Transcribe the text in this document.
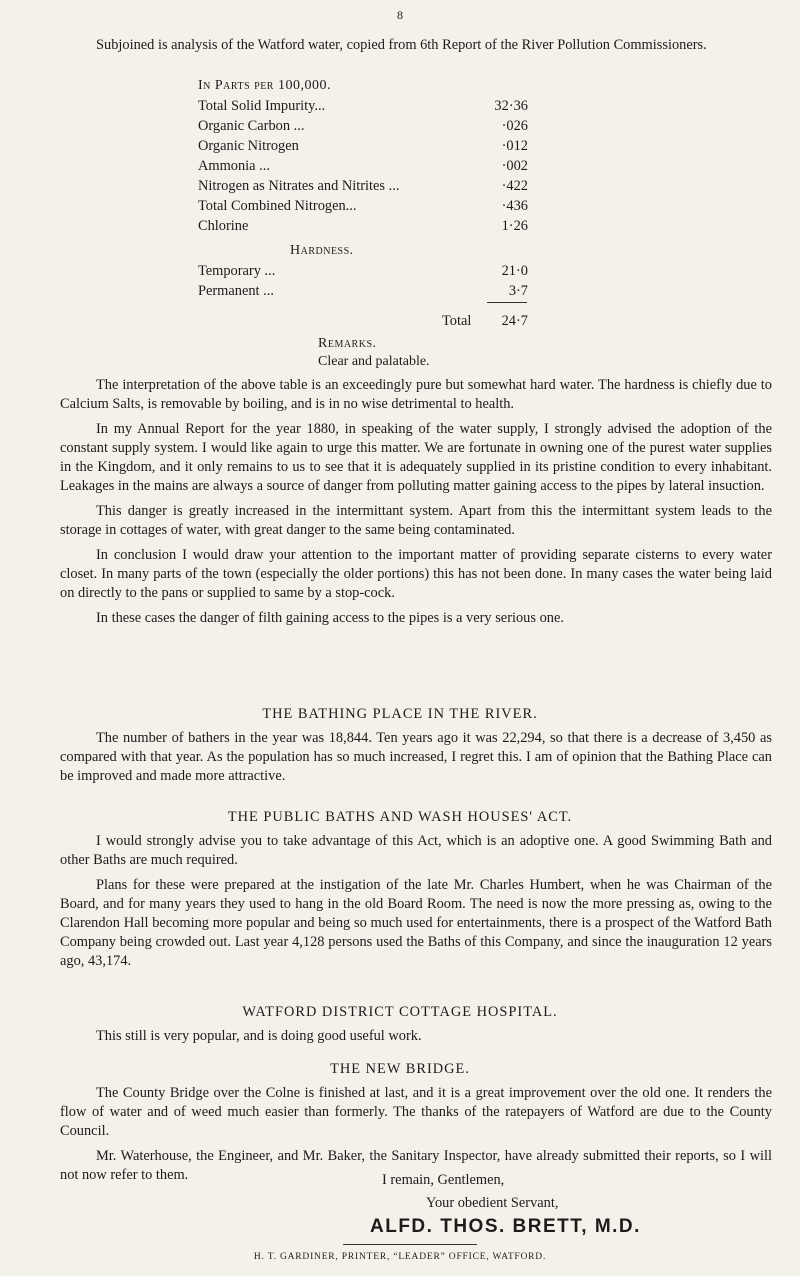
8

Subjoined is analysis of the Watford water, copied from 6th Report of the River Pollution Commissioners.

In Parts per 100,000.
Total Solid Impurity...	32·36
Organic Carbon ...	·026
Organic Nitrogen	·012
Ammonia ...	·002
Nitrogen as Nitrates and Nitrites ...	·422
Total Combined Nitrogen...	·436
Chlorine	1·26
Hardness.
Temporary ...	21·0
Permanent ...	3·7
Total	24·7
Remarks.
Clear and palatable.

The interpretation of the above table is an exceedingly pure but somewhat hard water. The hardness is chiefly due to Calcium Salts, is removable by boiling, and is in no wise detrimental to health.

In my Annual Report for the year 1880, in speaking of the water supply, I strongly advised the adoption of the constant supply system. I would like again to urge this matter. We are fortunate in owning one of the purest water supplies in the Kingdom, and it only remains to us to see that it is adequately supplied in its pristine condition to every inhabitant. Leakages in the mains are always a source of danger from polluting matter gaining access to the pipes by lateral insuction.

This danger is greatly increased in the intermittant system. Apart from this the intermittant system leads to the storage in cottages of water, with great danger to the same being contaminated.

In conclusion I would draw your attention to the important matter of providing separate cisterns to every water closet. In many parts of the town (especially the older portions) this has not been done. In many cases the water being laid on directly to the pans or supplied to same by a stop-cock.

In these cases the danger of filth gaining access to the pipes is a very serious one.

THE BATHING PLACE IN THE RIVER.

The number of bathers in the year was 18,844. Ten years ago it was 22,294, so that there is a decrease of 3,450 as compared with that year. As the population has so much increased, I regret this. I am of opinion that the Bathing Place can be improved and made more attractive.

THE PUBLIC BATHS AND WASH HOUSES' ACT.

I would strongly advise you to take advantage of this Act, which is an adoptive one. A good Swimming Bath and other Baths are much required.

Plans for these were prepared at the instigation of the late Mr. Charles Humbert, when he was Chairman of the Board, and for many years they used to hang in the old Board Room. The need is now the more pressing as, owing to the Clarendon Hall becoming more popular and being so much used for entertainments, there is a prospect of the Watford Bath Company being crowded out. Last year 4,128 persons used the Baths of this Company, and since the inauguration 12 years ago, 43,174.

WATFORD DISTRICT COTTAGE HOSPITAL.

This still is very popular, and is doing good useful work.

THE NEW BRIDGE.

The County Bridge over the Colne is finished at last, and it is a great improvement over the old one. It renders the flow of water and of weed much easier than formerly. The thanks of the ratepayers of Watford are due to the County Council.

Mr. Waterhouse, the Engineer, and Mr. Baker, the Sanitary Inspector, have already submitted their reports, so I will not now refer to them.	I remain, Gentlemen,
Your obedient Servant,
ALFD. THOS. BRETT, M.D.
H. T. GARDINER, PRINTER, “LEADER” OFFICE, WATFORD.
